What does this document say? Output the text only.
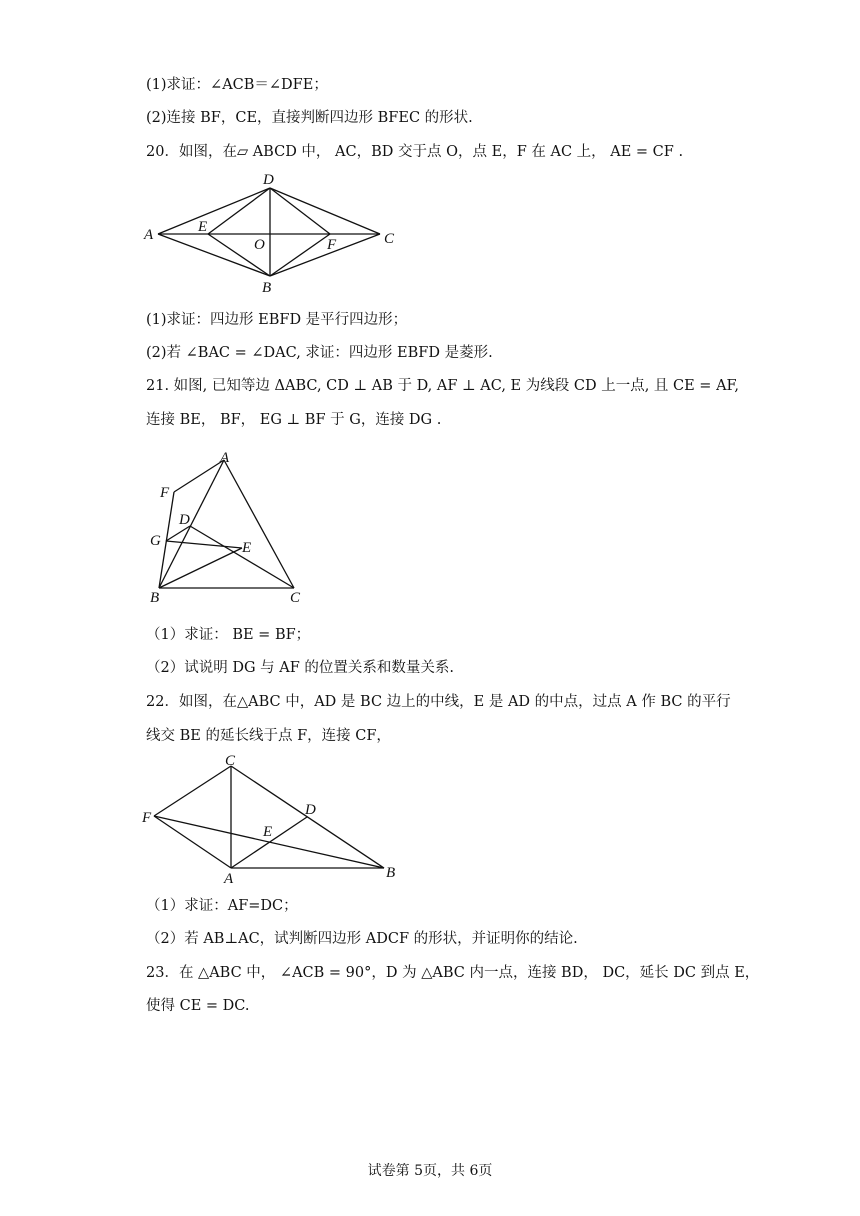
(1)求证：∠ACB＝∠DFE；
(2)连接 BF，CE，直接判断四边形 BFEC 的形状.
20．如图，在▱ ABCD 中， AC，BD 交于点 O，点 E，F 在 AC 上， AE = CF .
D
A	E
O	F	C
B
(1)求证：四边形 EBFD 是平行四边形；
(2)若 ∠BAC = ∠DAC, 求证：四边形 EBFD 是菱形.
21. 如图, 已知等边 ΔABC, CD ⊥ AB 于 D, AF ⊥ AC, E 为线段 CD 上一点, 且 CE = AF,
连接 BE， BF， EG ⊥ BF 于 G，连接 DG .
A
F
D
G	E
B	C
（1）求证： BE = BF；
（2）试说明 DG 与 AF 的位置关系和数量关系.
22．如图，在△ABC 中，AD 是 BC 边上的中线，E 是 AD 的中点，过点 A 作 BC 的平行
线交 BE 的延长线于点 F，连接 CF，
C
D
F
E
A	B
（1）求证：AF=DC；
（2）若 AB⊥AC，试判断四边形 ADCF 的形状，并证明你的结论.
23．在 △ABC 中， ∠ACB = 90°，D 为 △ABC 内一点，连接 BD， DC，延长 DC 到点 E，
使得 CE = DC.
试卷第 5页，共 6页
